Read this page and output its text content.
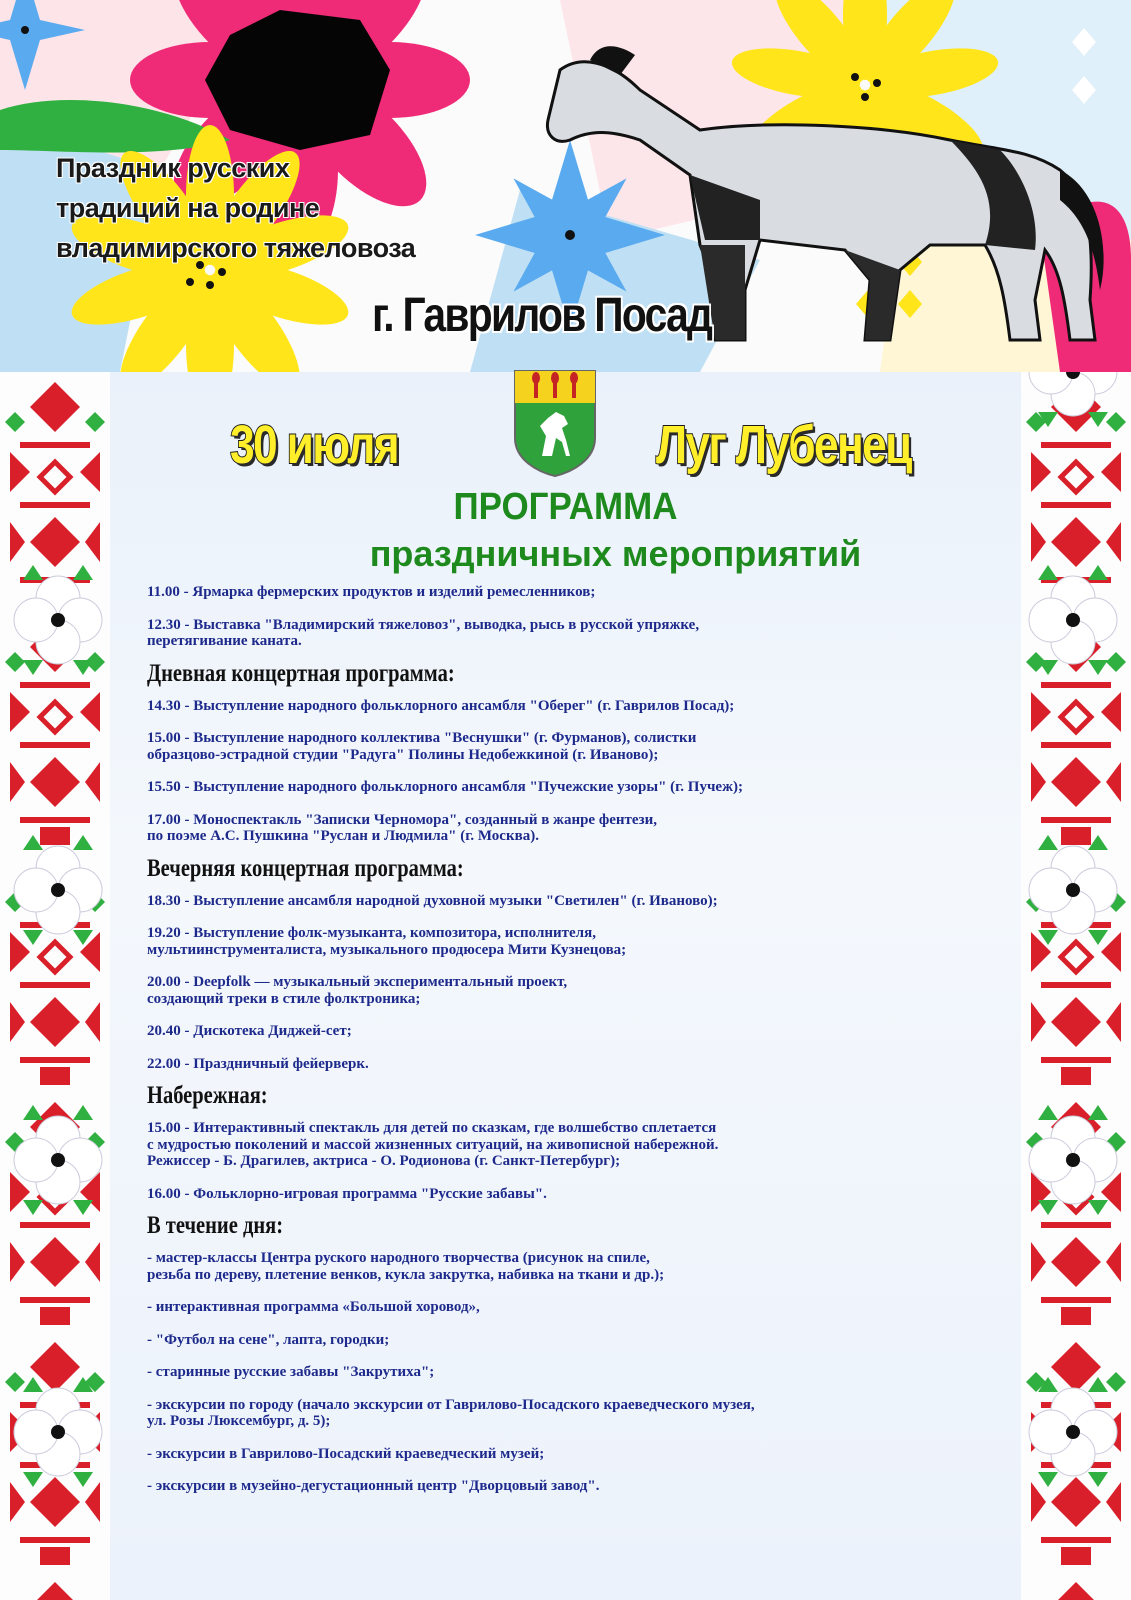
Праздник русских
традиций на родине
владимирского тяжеловоза
г. Гаврилов Посад
30 июля	Луг Лубенец
ПРОГРАММА
праздничных мероприятий
11.00 - Ярмарка фермерских продуктов и изделий ремесленников;
12.30 - Выставка "Владимирский тяжеловоз", выводка, рысь в русской упряжке,
перетягивание каната.
Дневная концертная программа:
14.30 - Выступление народного фольклорного ансамбля "Оберег" (г. Гаврилов Посад);
15.00 - Выступление народного коллектива "Веснушки" (г. Фурманов), солистки
образцово-эстрадной студии "Радуга" Полины Недобежкиной (г. Иваново);
15.50 - Выступление народного фольклорного ансамбля "Пучежские узоры" (г. Пучеж);
17.00 - Моноспектакль "Записки Черномора", созданный в жанре фентези,
по поэме А.С. Пушкина "Руслан и Людмила" (г. Москва).
Вечерняя концертная программа:
18.30 - Выступление ансамбля народной духовной музыки "Светилен" (г. Иваново);
19.20 - Выступление фолк-музыканта, композитора, исполнителя,
мультиинструменталиста, музыкального продюсера Мити Кузнецова;
20.00 - Deepfolk — музыкальный экспериментальный проект,
создающий треки в стиле фолктроника;
20.40 - Дискотека Диджей-сет;
22.00 - Праздничный фейерверк.
Набережная:
15.00 - Интерактивный спектакль для детей по сказкам, где волшебство сплетается
с мудростью поколений и массой жизненных ситуаций, на живописной набережной.
Режиссер - Б. Драгилев, актриса - О. Родионова (г. Санкт-Петербург);
16.00 - Фольклорно-игровая программа "Русские забавы".
В течение дня:
- мастер-классы Центра руского народного творчества (рисунок на спиле,
резьба по дереву, плетение венков, кукла закрутка, набивка на ткани и др.);
- интерактивная программа «Большой хоровод»,
- "Футбол на сене", лапта, городки;
- старинные русские забавы "Закрутиха";
- экскурсии по городу (начало экскурсии от Гаврилово-Посадского краеведческого музея,
ул. Розы Люксембург, д. 5);
- экскурсии в Гаврилово-Посадский краеведческий музей;
- экскурсии в музейно-дегустационный центр "Дворцовый завод".
